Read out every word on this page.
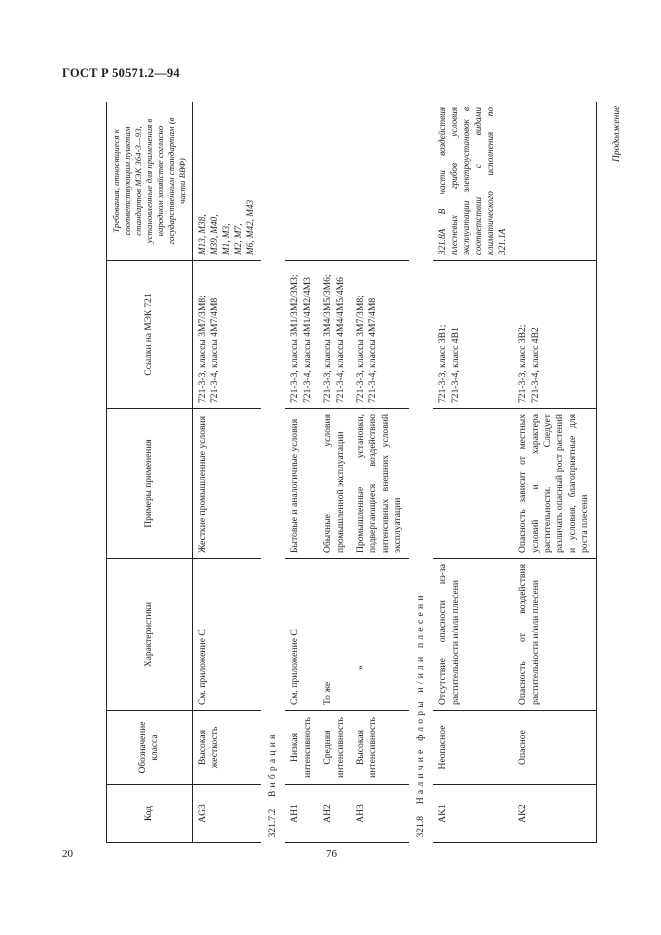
ГОСТ Р 50571.2—94
Продолжение
Код	Обозначение класса	Характеристики	Примеры применения	Ссылки на МЭК 721	Требования, относящиеся к соответствующим пунктам стандартов МЭК 364-3—93, установленные для применения в народном хозяйстве согласно государственным стандартам (в части ВВФ)
AG3	Высокая жесткость	См. приложение С	Жесткие промышленные условия	721-3-3, классы 3M7/3M8; 721-3-4, классы 4M7/4M8	M13, M38, M39, M40, M1, M3, M2, M7, M6, M42, M43

321.7.2 Вибрация					
AH1	Низкая интенсивность	См. приложение С	Бытовые и аналогичные условия	721-3-3, классы 3M1/3M2/3M3; 721-3-4, классы 4M1/4M2/4M3	

AH2	Средняя интенсивность	То же	Обычные условия промышленной эксплуатации	721-3-3, классы 3M4/3M5/3M6; 721-3-4, классы 4M4/4M5/4M6	

AH3	Высокая интенсивность	»	Промышленные установки, подвергающиеся воздействию интенсивных внешних условий эксплуатации	721-3-3, классы 3M7/3M8; 721-3-4, классы 4M7/4M8	

321.8 Наличие флоры и/или плесени					
AK1	Неопасное	Отсутствие опасности из-за растительности и/или плесени		721-3-3, класс 3B1; 721-3-4, класс 4B1	321.8А В части воздействия плесневых грибов условия эксплуатации электроустановок в соответствии с видами климатического исполнения по 321.1А
AK2	Опасное	Опасность от воздействия растительности и/или плесени	Опасность зависит от местных условий и характера растительности. Следует различать опасный рост растений и условия, благоприятные для роста плесени	721-3-3, класс 3B2; 721-3-4, класс 4B2	

20	76
